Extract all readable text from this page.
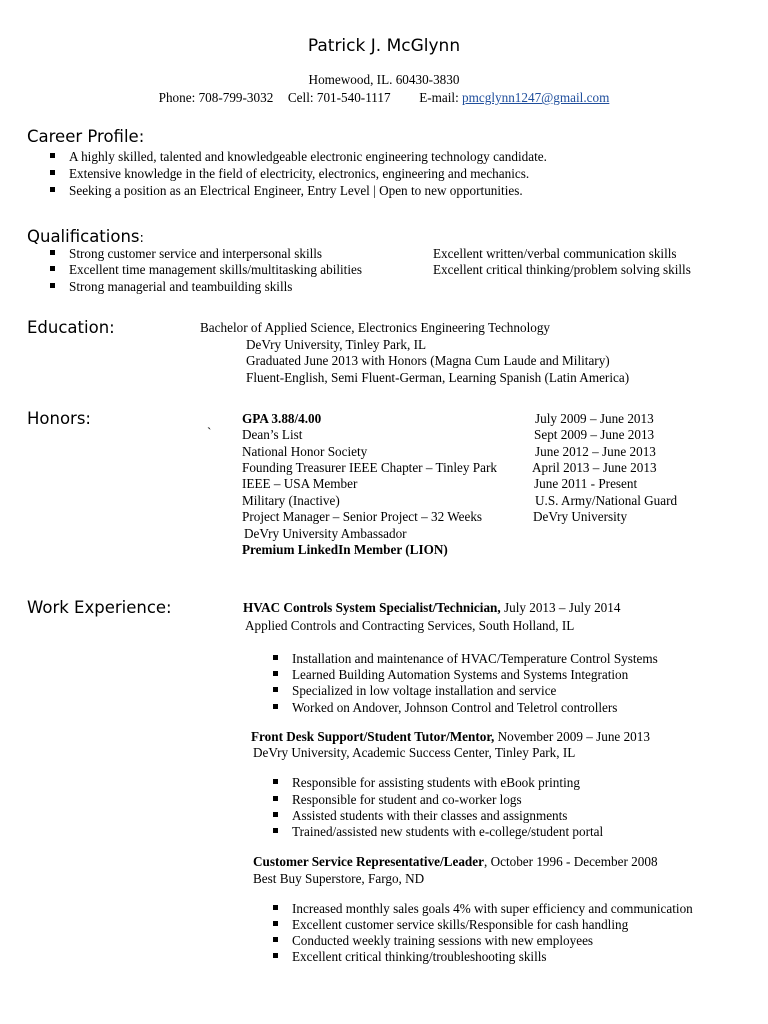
Patrick J. McGlynn
Homewood, IL. 60430-3830
Phone: 708-799-3032 Cell: 701-540-1117 E-mail: pmcglynn1247@gmail.com
Career Profile:
A highly skilled, talented and knowledgeable electronic engineering technology candidate.
Extensive knowledge in the field of electricity, electronics, engineering and mechanics.
Seeking a position as an Electrical Engineer, Entry Level | Open to new opportunities.
Qualifications:
Strong customer service and interpersonal skills
Excellent time management skills/multitasking abilities
Strong managerial and teambuilding skills
Excellent written/verbal communication skills
Excellent critical thinking/problem solving skills
Education:	Bachelor of Applied Science, Electronics Engineering Technology
DeVry University, Tinley Park, IL
Graduated June 2013 with Honors (Magna Cum Laude and Military)
Fluent-English, Semi Fluent-German, Learning Spanish (Latin America)
Honors:
`
GPA 3.88/4.00
Dean’s List
National Honor Society
Founding Treasurer IEEE Chapter – Tinley Park
IEEE – USA Member
Military (Inactive)
Project Manager – Senior Project – 32 Weeks
DeVry University Ambassador
Premium LinkedIn Member (LION)
July 2009 – June 2013
Sept 2009 – June 2013
June 2012 – June 2013
April 2013 – June 2013
June 2011 - Present
U.S. Army/National Guard
DeVry University
Work Experience:	HVAC Controls System Specialist/Technician, July 2013 – July 2014
Applied Controls and Contracting Services, South Holland, IL
Installation and maintenance of HVAC/Temperature Control Systems
Learned Building Automation Systems and Systems Integration
Specialized in low voltage installation and service
Worked on Andover, Johnson Control and Teletrol controllers
Front Desk Support/Student Tutor/Mentor, November 2009 – June 2013
DeVry University, Academic Success Center, Tinley Park, IL
Responsible for assisting students with eBook printing
Responsible for student and co-worker logs
Assisted students with their classes and assignments
Trained/assisted new students with e-college/student portal
Customer Service Representative/Leader, October 1996 - December 2008
Best Buy Superstore, Fargo, ND
Increased monthly sales goals 4% with super efficiency and communication
Excellent customer service skills/Responsible for cash handling
Conducted weekly training sessions with new employees
Excellent critical thinking/troubleshooting skills
